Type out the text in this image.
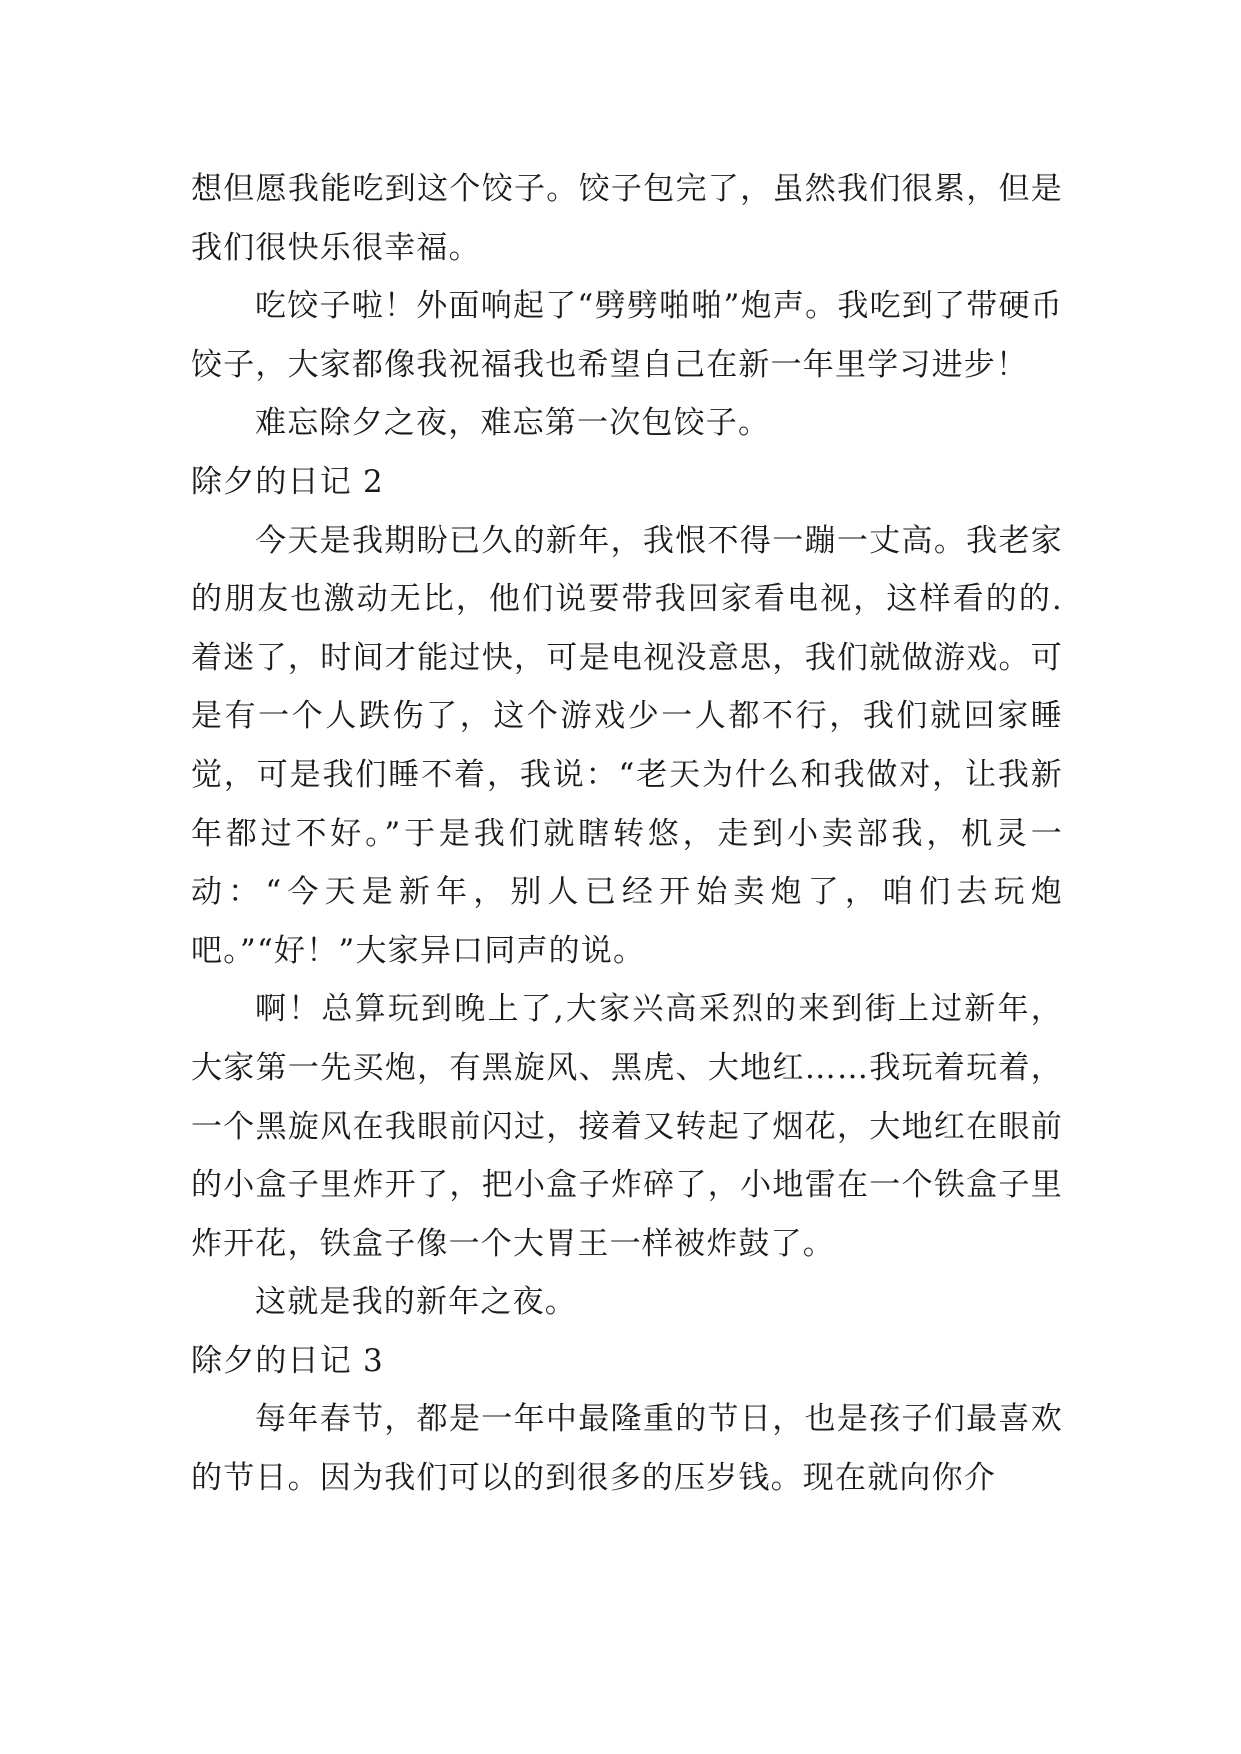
想但愿我能吃到这个饺子。饺子包完了，虽然我们很累，但是我们很快乐很幸福。

吃饺子啦！外面响起了“劈劈啪啪”炮声。我吃到了带硬币饺子，大家都像我祝福我也希望自己在新一年里学习进步！

难忘除夕之夜，难忘第一次包饺子。

除夕的日记 2

今天是我期盼已久的新年，我恨不得一蹦一丈高。我老家的朋友也激动无比，他们说要带我回家看电视，这样看的的.着迷了，时间才能过快，可是电视没意思，我们就做游戏。可是有一个人跌伤了，这个游戏少一人都不行，我们就回家睡觉，可是我们睡不着，我说：“老天为什么和我做对，让我新年都过不好。”于是我们就瞎转悠，走到小卖部我，机灵一动：“今天是新年，别人已经开始卖炮了，咱们去玩炮吧。”“好！”大家异口同声的说。

啊！总算玩到晚上了,大家兴高采烈的来到街上过新年，大家第一先买炮，有黑旋风、黑虎、大地红……我玩着玩着，一个黑旋风在我眼前闪过，接着又转起了烟花，大地红在眼前的小盒子里炸开了，把小盒子炸碎了，小地雷在一个铁盒子里炸开花，铁盒子像一个大胃王一样被炸鼓了。

这就是我的新年之夜。

除夕的日记 3

每年春节，都是一年中最隆重的节日，也是孩子们最喜欢的节日。因为我们可以的到很多的压岁钱。现在就向你介
